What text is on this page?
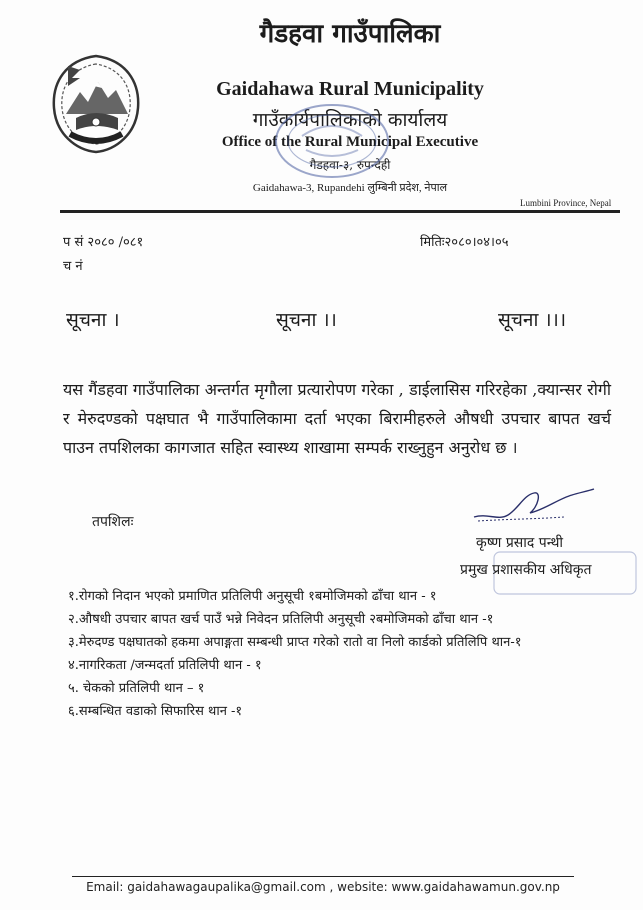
गैडहवा गाउँपालिका
Gaidahawa Rural Municipality
गाउँकार्यपालिकाको कार्यालय
Office of the Rural Municipal Executive
गैडहवा-३, रुपन्देही
Gaidahawa-3, Rupandehi लुम्बिनी प्रदेश, नेपाल
Lumbini Province, Nepal
प सं २०८० /०८१
च नं
मितिः२०८०।०४।०५
सूचना ।	सूचना ।।	सूचना ।।।
यस गैंडहवा गाउँपालिका अन्तर्गत मृगौला प्रत्यारोपण गरेका , डाईलासिस गरिरहेका ,क्यान्सर रोगी र मेरुदण्डको पक्षघात भै गाउँपालिकामा दर्ता भएका बिरामीहरुले औषधी उपचार बापत खर्च पाउन तपशिलका कागजात सहित स्वास्थ्य शाखामा सम्पर्क राख्नुहुन अनुरोध छ ।
तपशिलः
कृष्ण प्रसाद पन्थी
प्रमुख प्रशासकीय अधिकृत
१.रोगको निदान भएको प्रमाणित प्रतिलिपी अनुसूची १बमोजिमको ढाँचा थान - १
२.औषधी उपचार बापत खर्च पाउँ भन्ने निवेदन प्रतिलिपी अनुसूची २बमोजिमको ढाँचा थान -१
३.मेरुदण्ड पक्षघातको हकमा अपाङ्गता सम्बन्धी प्राप्त गरेको रातो वा निलो कार्डको प्रतिलिपि थान-१
४.नागरिकता /जन्मदर्ता प्रतिलिपी थान - १
५. चेकको प्रतिलिपी थान – १
६.सम्बन्धित वडाको सिफारिस थान -१
Email: gaidahawagaupalika@gmail.com , website: www.gaidahawamun.gov.np
